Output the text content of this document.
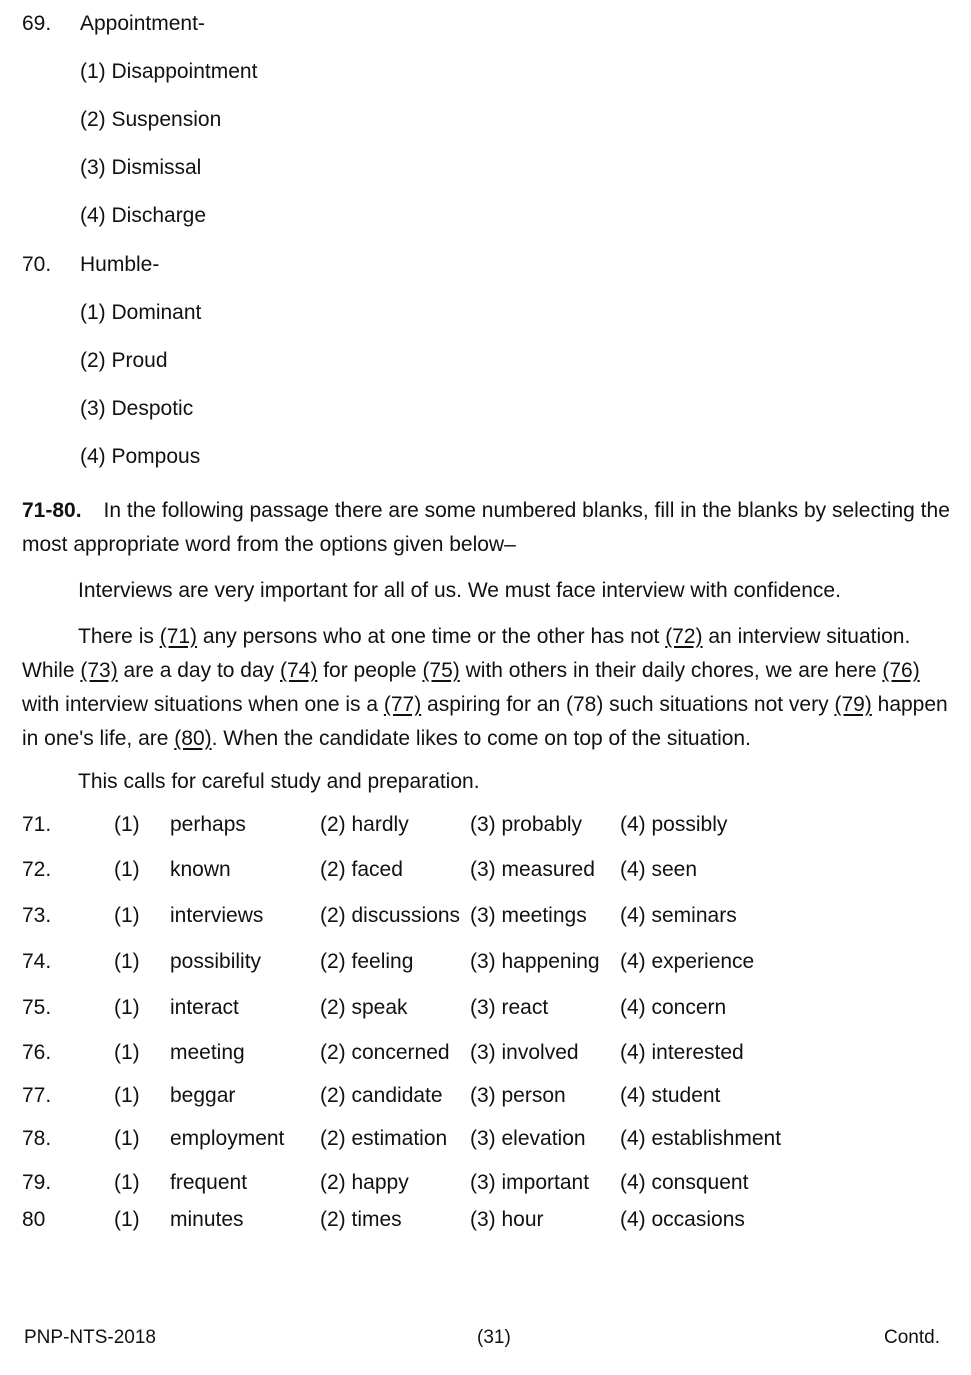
69. Appointment-
(1) Disappointment
(2) Suspension
(3) Dismissal
(4) Discharge
70. Humble-
(1) Dominant
(2) Proud
(3) Despotic
(4) Pompous
71-80. In the following passage there are some numbered blanks, fill in the blanks by selecting the most appropriate word from the options given below–
Interviews are very important for all of us. We must face interview with confidence.
There is (71) any persons who at one time or the other has not (72) an interview situation. While (73) are a day to day (74) for people (75) with others in their daily chores, we are here (76) with interview situations when one is a (77) aspiring for an (78) such situations not very (79) happen in one's life, are (80). When the candidate likes to come on top of the situation.
This calls for careful study and preparation.
71.	(1) perhaps	(2) hardly	(3) probably (4) possibly
72.	(1) known	(2) faced	(3) measured (4) seen
73.	(1) interviews	(2) discussions (3) meetings (4) seminars
74.	(1) possibility	(2) feeling	(3) happening (4) experience
75.	(1) interact	(2) speak	(3) react	(4) concern
76.	(1) meeting	(2) concerned (3) involved (4) interested
77.	(1) beggar	(2) candidate (3) person	(4) student
78.	(1) employment (2) estimation (3) elevation (4) establishment
79.	(1) frequent	(2) happy	(3) important (4) consquent
80	(1) minutes	(2) times	(3) hour	(4) occasions
PNP-NTS-2018	(31)	Contd.
